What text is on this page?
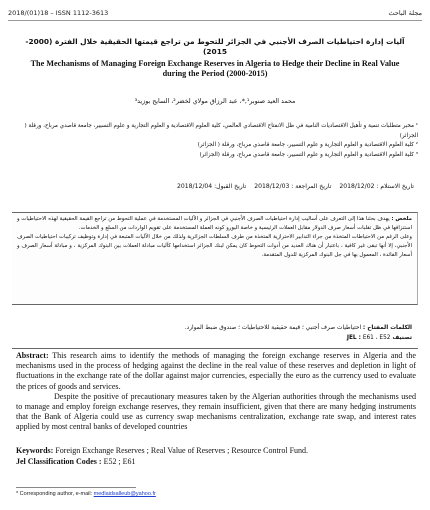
2018/(01)18 – ISSN 1112-3613	مجلة الباحث
آليات إدارة احتياطيات الصرف الأجنبي في الجزائر للتحوط من تراجع قيمتها الحقيقية خلال الفترة (2000-2015)
The Mechanisms of Managing Foreign Exchange Reserves in Algeria to Hedge their Decline in Real Value during the Period (2000-2015)
محمد العيد صنوبر¹,*، عبد الرزاق مولاي لخضر²، السايح بوزيد³
¹ مخبر متطلبات تنمية و تأهيل الاقتصاديات النامية في ظل الانفتاح الاقتصادي العالمي، كلية العلوم الاقتصادية و العلوم التجارية و علوم التسيير، جامعة قاصدي مرباح، ورقلة ( الجزائر)
² كلية العلوم الاقتصادية و العلوم التجارية و علوم التسيير، جامعة قاصدي مرباح، ورقلة ( الجزائر)
³ كلية العلوم الاقتصادية و العلوم التجارية و علوم التسيير، جامعة قاصدي مرباح، ورقلة (الجزائر)
تاريخ الاستلام : 2018/12/02 تاريخ المراجعة : 2018/12/03 تاريخ القبول: 2018/12/04

ملخص : يهدف بحثنا هذا إلى التعرف على أساليب إدارة احتياطيات الصرف الأجنبي في الجزائر و الآليات المستخدمة في عملية التحوط من تراجع القيمة الحقيقية لهذه الاحتياطيات و استنزافها في ظل تقلبات أسعار صرف الدولار مقابل العملات الرئيسية و خاصة اليورو كونه العملة المستخدمة على تقويم الواردات من السلع و الخدمات.

وعلى الرغم من الاحتياطات المتخذة من جراء التدابير الاحترازية المتخذة من طرف السلطات الجزائرية ولذلك من خلال الآليات المتبعة في إدارة وتوظيف تركيبات احتياطيات الصرف الأجنبي، إلا أنها تبقى غير كافية ، باعتبار أن هناك العديد من أدوات التحوط كان يمكن لبنك الجزائر استخدامها كآليات مبادلة العملات بين البنوك المركزية ، و مبادلة أسعار الصرف و أسعار الفائدة ، المعمول بها في جل البنوك المركزية للدول المتقدمة.

الكلمات المفتاح : احتياطيات صرف أجنبي ؛ قيمة حقيقية للاحتياطيات ؛ صندوق ضبط الموارد.
تصنيف JEL : E61 ، E52

Abstract: This research aims to identify the methods of managing the foreign exchange reserves in Algeria and the mechanisms used in the process of hedging against the decline in the real value of these reserves and depletion in light of fluctuations in the exchange rate of the dollar against major currencies, especially the euro as the currency used to evaluate the prices of goods and services.

Despite the positive of precautionary measures taken by the Algerian authorities through the mechanisms used to manage and employ foreign exchange reserves, they remain insufficient, given that there are many hedging instruments that the Bank of Algeria could use as currency swap mechanisms centralization, exchange rate swap, and interest rates applied by most central banks of developed countries

Keywords: Foreign Exchange Reserves ; Real Value of Reserves ; Resource Control Fund.
Jel Classification Codes : E52 ; E61
* Corresponding author, e-mail: medlaidsalleub@yahoo.fr
